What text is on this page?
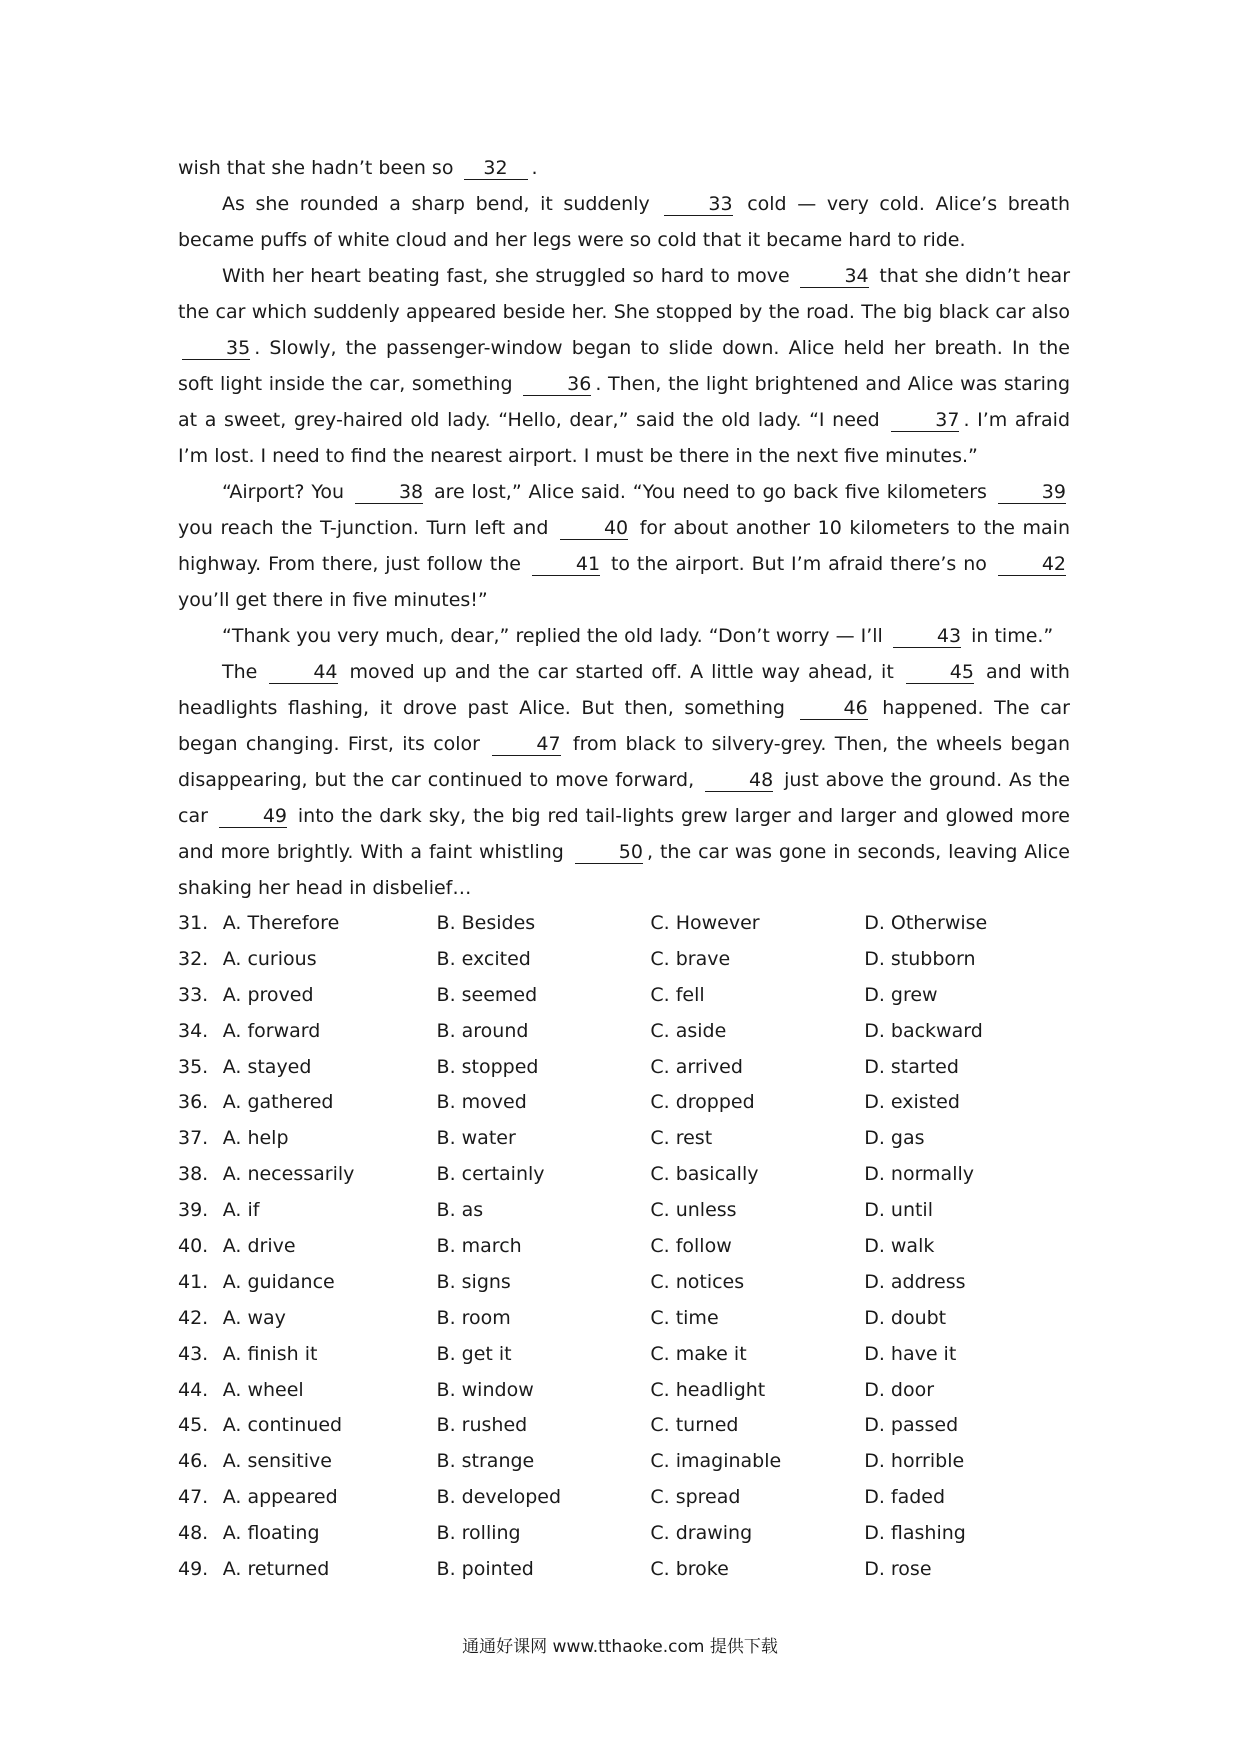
wish that she hadn’t been so 32 .

As she rounded a sharp bend, it suddenly	33 cold — very cold. Alice’s breath became puffs of white cloud and her legs were so cold that it became hard to ride.

With her heart beating fast, she struggled so hard to move	34 that she didn’t hear the car which suddenly appeared beside her. She stopped by the road. The big black car also 35 . Slowly, the passenger-window began to slide down. Alice held her breath. In the soft light inside the car, something	36 . Then, the light brightened and Alice was staring at a sweet, grey-haired old lady. “Hello, dear,” said the old lady. “I need	37 . I’m afraid I’m lost. I need to find the nearest airport. I must be there in the next five minutes.”

“Airport? You	38 are lost,” Alice said. “You need to go back five kilometers	39 you reach the T-junction. Turn left and	40 for about another 10 kilometers to the main highway. From there, just follow the	41 to the airport. But I’m afraid there’s no	42 you’ll get there in five minutes!”

“Thank you very much, dear,” replied the old lady. “Don’t worry — I’ll	43 in time.”

The	44 moved up and the car started off. A little way ahead, it	45 and with headlights flashing, it drove past Alice. But then, something	46 happened. The car began changing. First, its color	47 from black to silvery-grey. Then, the wheels began disappearing, but the car continued to move forward,	48 just above the ground. As the car	49 into the dark sky, the big red tail-lights grew larger and larger and glowed more and more brightly. With a faint whistling	50 , the car was gone in seconds, leaving Alice shaking her head in disbelief…

31. A. Therefore	B. Besides	C. However	D. Otherwise
32. A. curious	B. excited	C. brave	D. stubborn
33. A. proved	B. seemed	C. fell	D. grew
34. A. forward	B. around	C. aside	D. backward
35. A. stayed	B. stopped	C. arrived	D. started
36. A. gathered	B. moved	C. dropped	D. existed
37. A. help	B. water	C. rest	D. gas
38. A. necessarily	B. certainly	C. basically	D. normally
39. A. if	B. as	C. unless	D. until
40. A. drive	B. march	C. follow	D. walk
41. A. guidance	B. signs	C. notices	D. address
42. A. way	B. room	C. time	D. doubt
43. A. finish it	B. get it	C. make it	D. have it
44. A. wheel	B. window	C. headlight	D. door
45. A. continued	B. rushed	C. turned	D. passed
46. A. sensitive	B. strange	C. imaginable	D. horrible
47. A. appeared	B. developed	C. spread	D. faded
48. A. floating	B. rolling	C. drawing	D. flashing
49. A. returned	B. pointed	C. broke	D. rose
通通好课网 www.tthaoke.com 提供下载
